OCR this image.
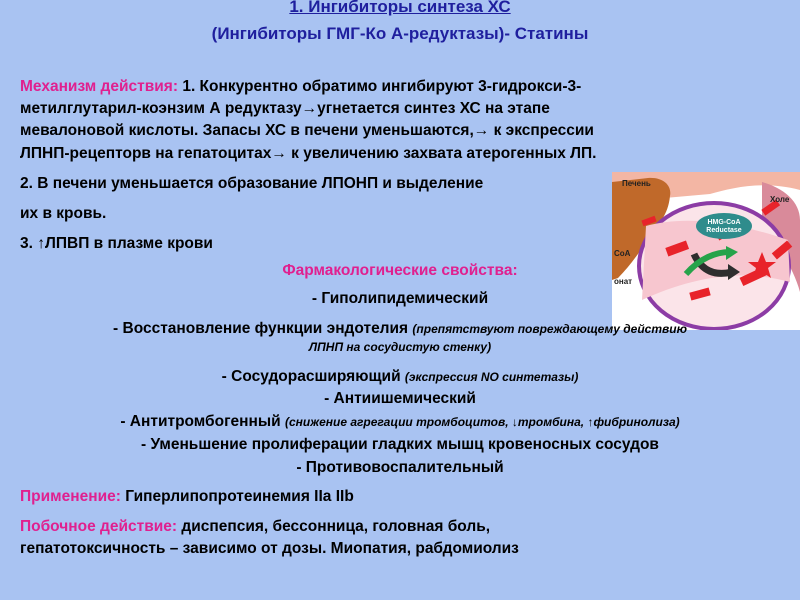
1. Ингибиторы синтеза ХС
(Ингибиторы ГМГ-Ко А-редуктазы)- Статины
Механизм действия: 1. Конкурентно обратимо ингибируют 3-гидрокси-3-
метилглутарил-коэнзим А редуктазу→угнетается синтез ХС на этапе
мевалоновой кислоты. Запасы ХС в печени уменьшаются,→ к экспрессии
ЛПНП-рецепторв на гепатоцитах→ к увеличению захвата атерогенных ЛП.
2. В печени уменьшается образование ЛПОНП и выделение
их в кровь.
3. ↑ЛПВП в плазме крови
HMG-CoA
Reductase
Печень
Холе
CoA
онат
Фармакологические свойства:
- Гиполипидемический
- Восстановление функции эндотелия (препятствуют повреждающему действию
ЛПНП на сосудистую стенку)
- Сосудорасширяющий (экспрессия NO синтетазы)
- Антиишемический
- Антитромбогенный (снижение агрегации тромбоцитов, ↓тромбина, ↑фибринолиза)
- Уменьшение пролиферации гладких мышц кровеносных сосудов
- Противовоспалительный
Применение: Гиперлипопротеинемия IIa IIb
Побочное действие: диспепсия, бессонница, головная боль,
гепатотоксичность – зависимо от дозы. Миопатия, рабдомиолиз
